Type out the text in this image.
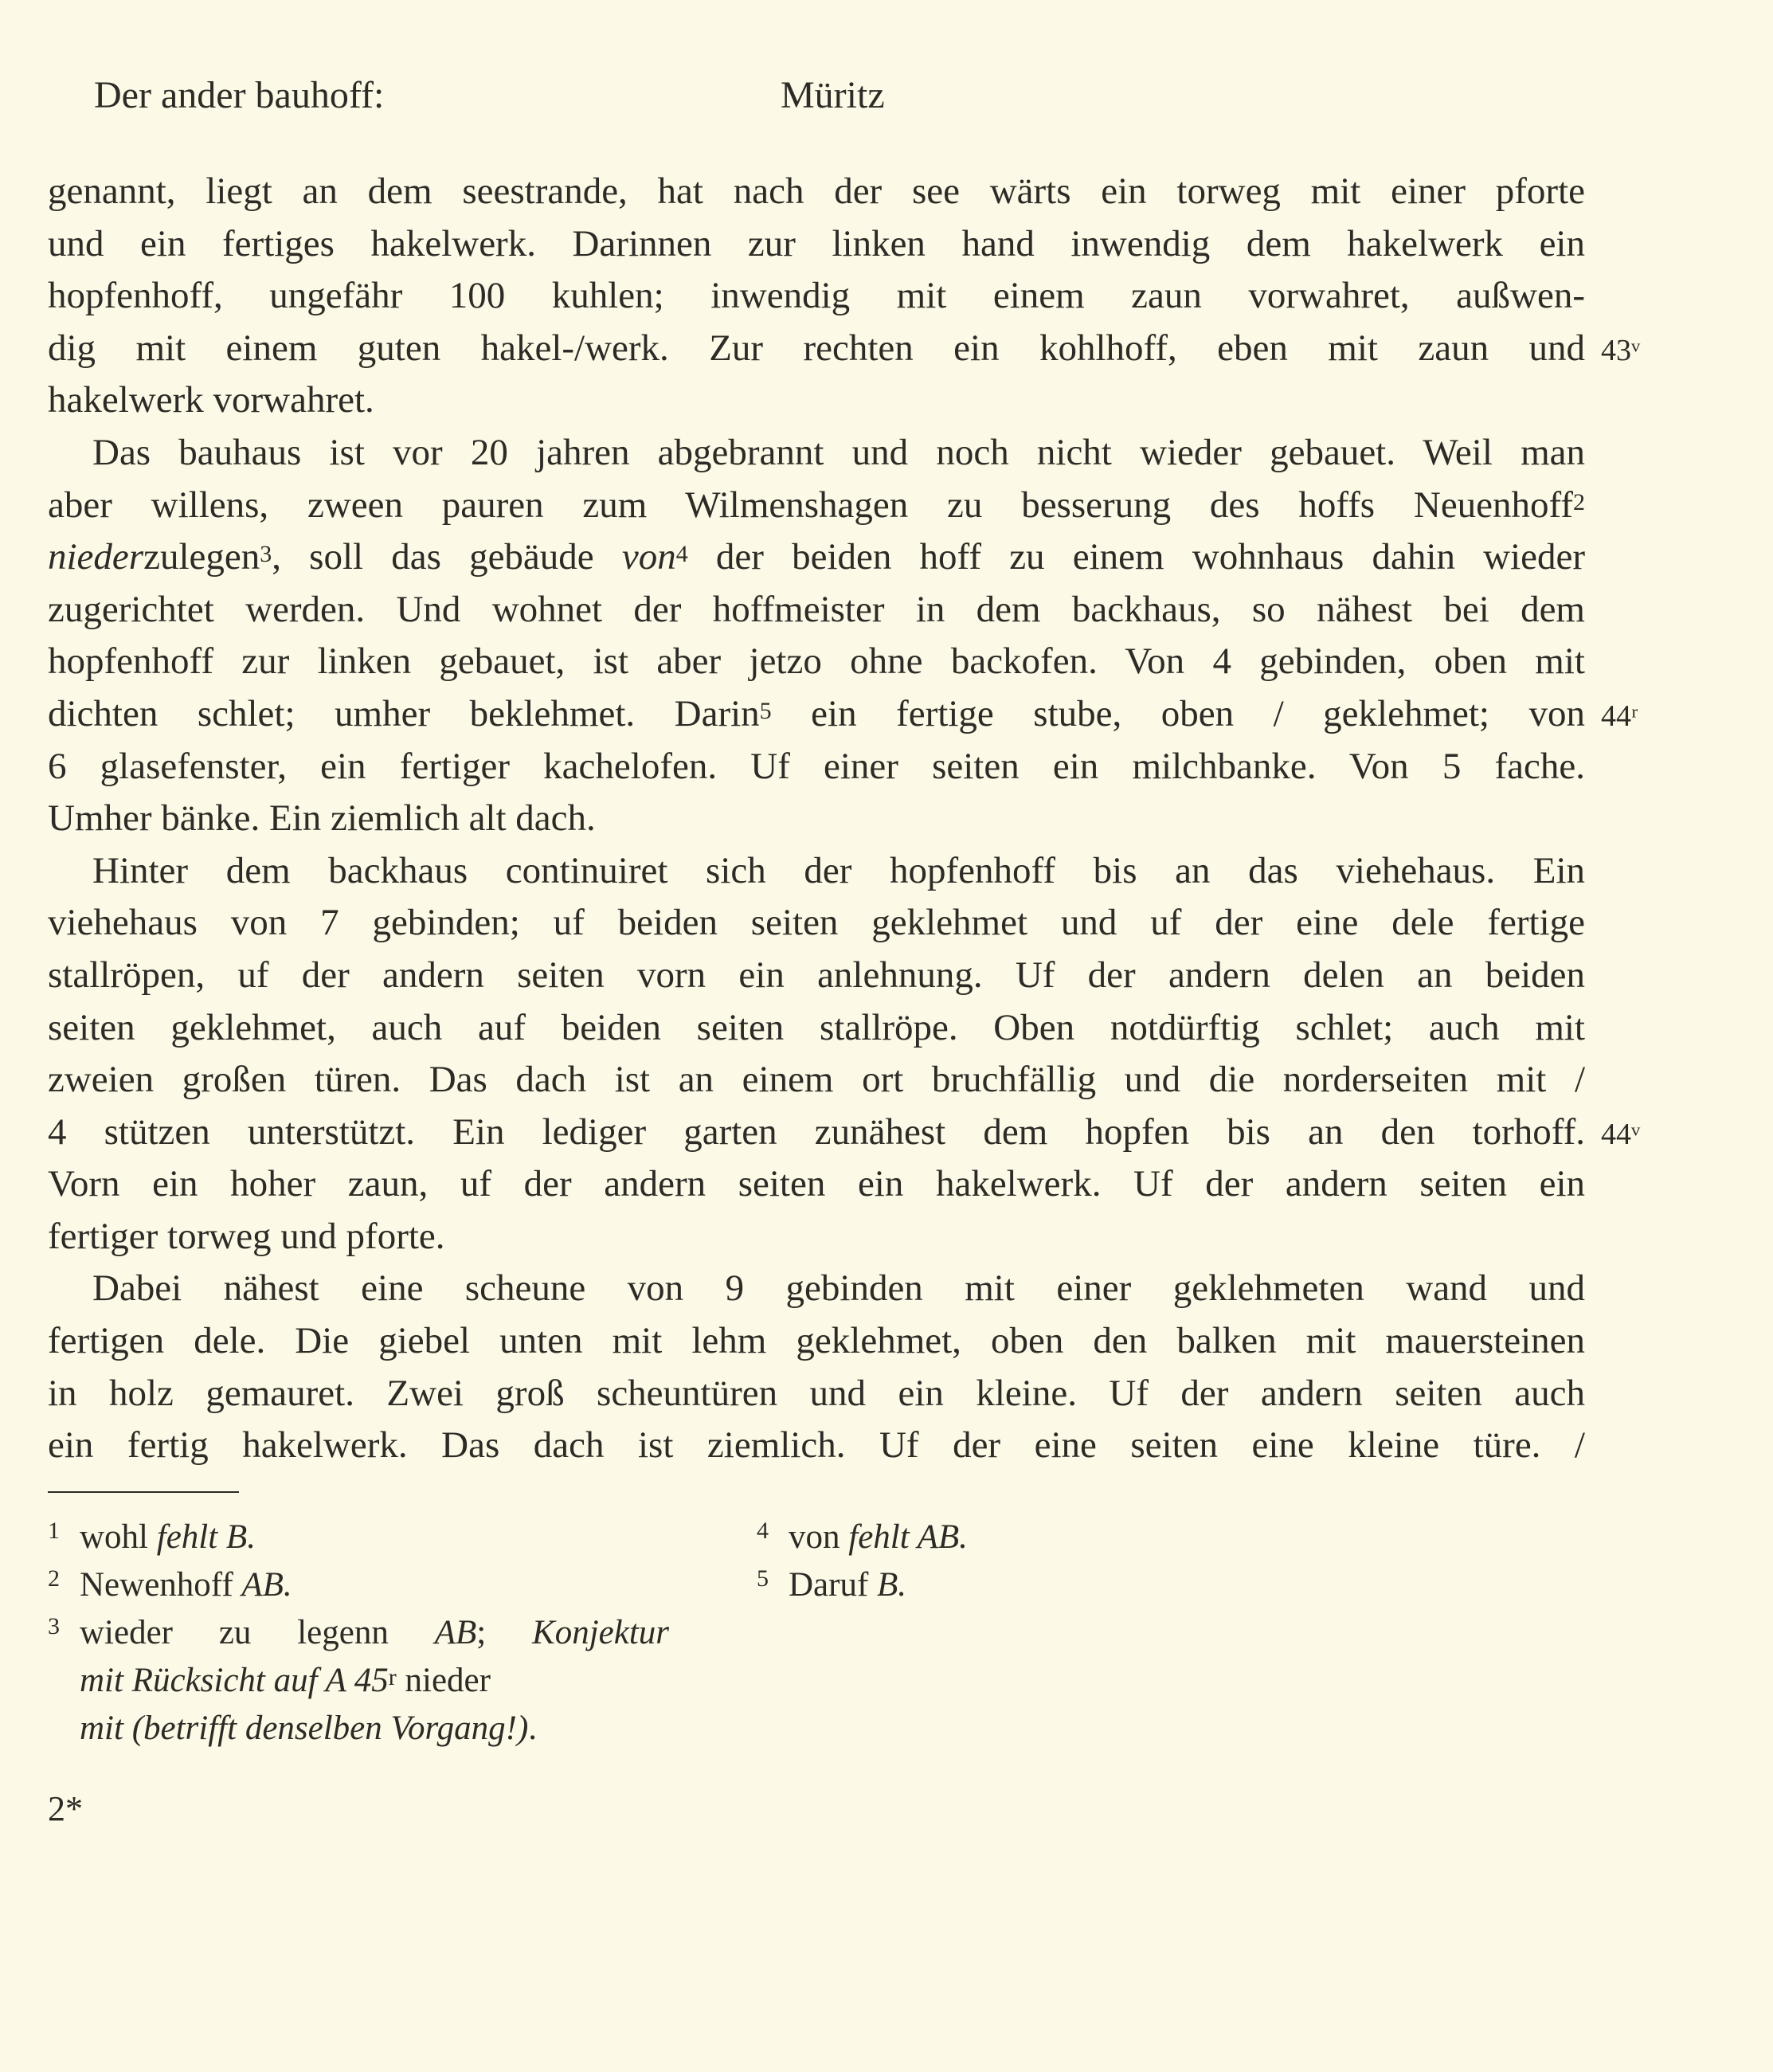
Der ander bauhoff:	Müritz
genannt, liegt an dem seestrande, hat nach der see wärts ein torweg mit einer pforte
und ein fertiges hakelwerk. Darinnen zur linken hand inwendig dem hakelwerk ein
hopfenhoff, ungefähr 100 kuhlen; inwendig mit einem zaun vorwahret, außwen-
dig mit einem guten hakel-/werk. Zur rechten ein kohlhoff, eben mit zaun und
hakelwerk vorwahret.
Das bauhaus ist vor 20 jahren abgebrannt und noch nicht wieder gebauet. Weil man
aber willens, zween pauren zum Wilmenshagen zu besserung des hoffs Neuenhoff$^2$
niederzulegen$^3$, soll das gebäude von$^4$ der beiden hoff zu einem wohnhaus dahin wieder
zugerichtet werden. Und wohnet der hoffmeister in dem backhaus, so nähest bei dem
hopfenhoff zur linken gebauet, ist aber jetzo ohne backofen. Von 4 gebinden, oben mit
dichten schlet; umher beklehmet. Darin$^5$ ein fertige stube, oben / geklehmet; von
6 glasefenster, ein fertiger kachelofen. Uf einer seiten ein milchbanke. Von 5 fache.
Umher bänke. Ein ziemlich alt dach.
Hinter dem backhaus continuiret sich der hopfenhoff bis an das viehehaus. Ein
viehehaus von 7 gebinden; uf beiden seiten geklehmet und uf der eine dele fertige
stallröpen, uf der andern seiten vorn ein anlehnung. Uf der andern delen an beiden
seiten geklehmet, auch auf beiden seiten stallröpe. Oben notdürftig schlet; auch mit
zweien großen türen. Das dach ist an einem ort bruchfällig und die norderseiten mit /
4 stützen unterstützt. Ein lediger garten zunähest dem hopfen bis an den torhoff.
Vorn ein hoher zaun, uf der andern seiten ein hakelwerk. Uf der andern seiten ein
fertiger torweg und pforte.
Dabei nähest eine scheune von 9 gebinden mit einer geklehmeten wand und
fertigen dele. Die giebel unten mit lehm geklehmet, oben den balken mit mauersteinen
in holz gemauret. Zwei groß scheuntüren und ein kleine. Uf der andern seiten auch
ein fertig hakelwerk. Das dach ist ziemlich. Uf der eine seiten eine kleine türe. /
43ᵛ
44ʳ
44ᵛ
1 wohl fehlt B.
2 Newenhoff AB.
3 wieder zu legenn AB; Konjektur
mit Rücksicht auf A 45$^r$ nieder
mit (betrifft denselben Vorgang!).
4 von fehlt AB.
5 Daruf B.
2*
